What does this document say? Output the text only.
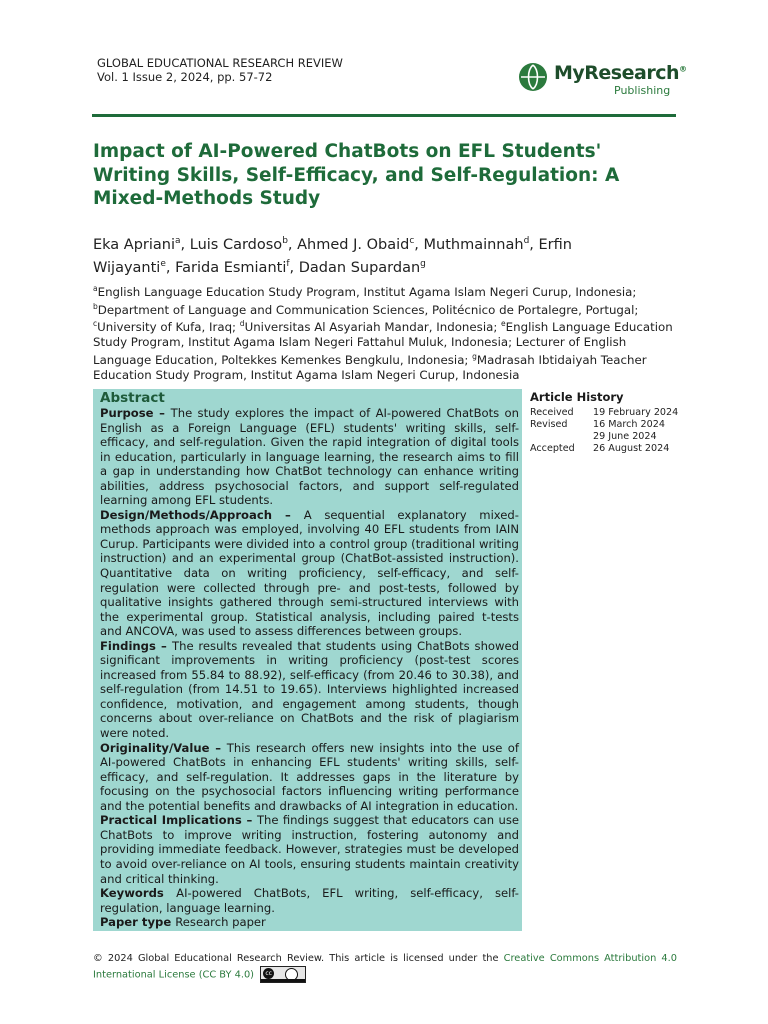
GLOBAL EDUCATIONAL RESEARCH REVIEW
Vol. 1 Issue 2, 2024, pp. 57-72	MyResearch®
Publishing
Impact of AI-Powered ChatBots on EFL Students' Writing Skills, Self-Efficacy, and Self-Regulation: A Mixed-Methods Study
Eka Apriani$^a$, Luis Cardoso$^b$, Ahmed J. Obaid$^c$, Muthmainnah$^d$, Erfin Wijayanti$^e$, Farida Esmianti$^f$, Dadan Supardan$^g$
$^a$English Language Education Study Program, Institut Agama Islam Negeri Curup, Indonesia;
$^b$Department of Language and Communication Sciences, Politécnico de Portalegre, Portugal;
$^c$University of Kufa, Iraq; $^d$Universitas Al Asyariah Mandar, Indonesia; $^e$English Language Education Study Program, Institut Agama Islam Negeri Fattahul Muluk, Indonesia; Lecturer of English Language Education, Poltekkes Kemenkes Bengkulu, Indonesia; $^g$Madrasah Ibtidaiyah Teacher Education Study Program, Institut Agama Islam Negeri Curup, Indonesia
Abstract

Purpose – The study explores the impact of AI-powered ChatBots on English as a Foreign Language (EFL) students' writing skills, self-efficacy, and self-regulation. Given the rapid integration of digital tools in education, particularly in language learning, the research aims to fill a gap in understanding how ChatBot technology can enhance writing abilities, address psychosocial factors, and support self-regulated learning among EFL students.

Design/Methods/Approach – A sequential explanatory mixed-methods approach was employed, involving 40 EFL students from IAIN Curup. Participants were divided into a control group (traditional writing instruction) and an experimental group (ChatBot-assisted instruction). Quantitative data on writing proficiency, self-efficacy, and self-regulation were collected through pre- and post-tests, followed by qualitative insights gathered through semi-structured interviews with the experimental group. Statistical analysis, including paired t-tests and ANCOVA, was used to assess differences between groups.

Findings – The results revealed that students using ChatBots showed significant improvements in writing proficiency (post-test scores increased from 55.84 to 88.92), self-efficacy (from 20.46 to 30.38), and self-regulation (from 14.51 to 19.65). Interviews highlighted increased confidence, motivation, and engagement among students, though concerns about over-reliance on ChatBots and the risk of plagiarism were noted.

Originality/Value – This research offers new insights into the use of AI-powered ChatBots in enhancing EFL students' writing skills, self-efficacy, and self-regulation. It addresses gaps in the literature by focusing on the psychosocial factors influencing writing performance and the potential benefits and drawbacks of AI integration in education.

Practical Implications – The findings suggest that educators can use ChatBots to improve writing instruction, fostering autonomy and providing immediate feedback. However, strategies must be developed to avoid over-reliance on AI tools, ensuring students maintain creativity and critical thinking.

Keywords AI-powered ChatBots, EFL writing, self-efficacy, self-regulation, language learning.

Paper type Research paper

Article History
Received	19 February 2024
Revised	16 March 2024
	29 June 2024
Accepted	26 August 2024
© 2024 Global Educational Research Review. This article is licensed under the Creative Commons Attribution 4.0 International License (CC BY 4.0)	cc
